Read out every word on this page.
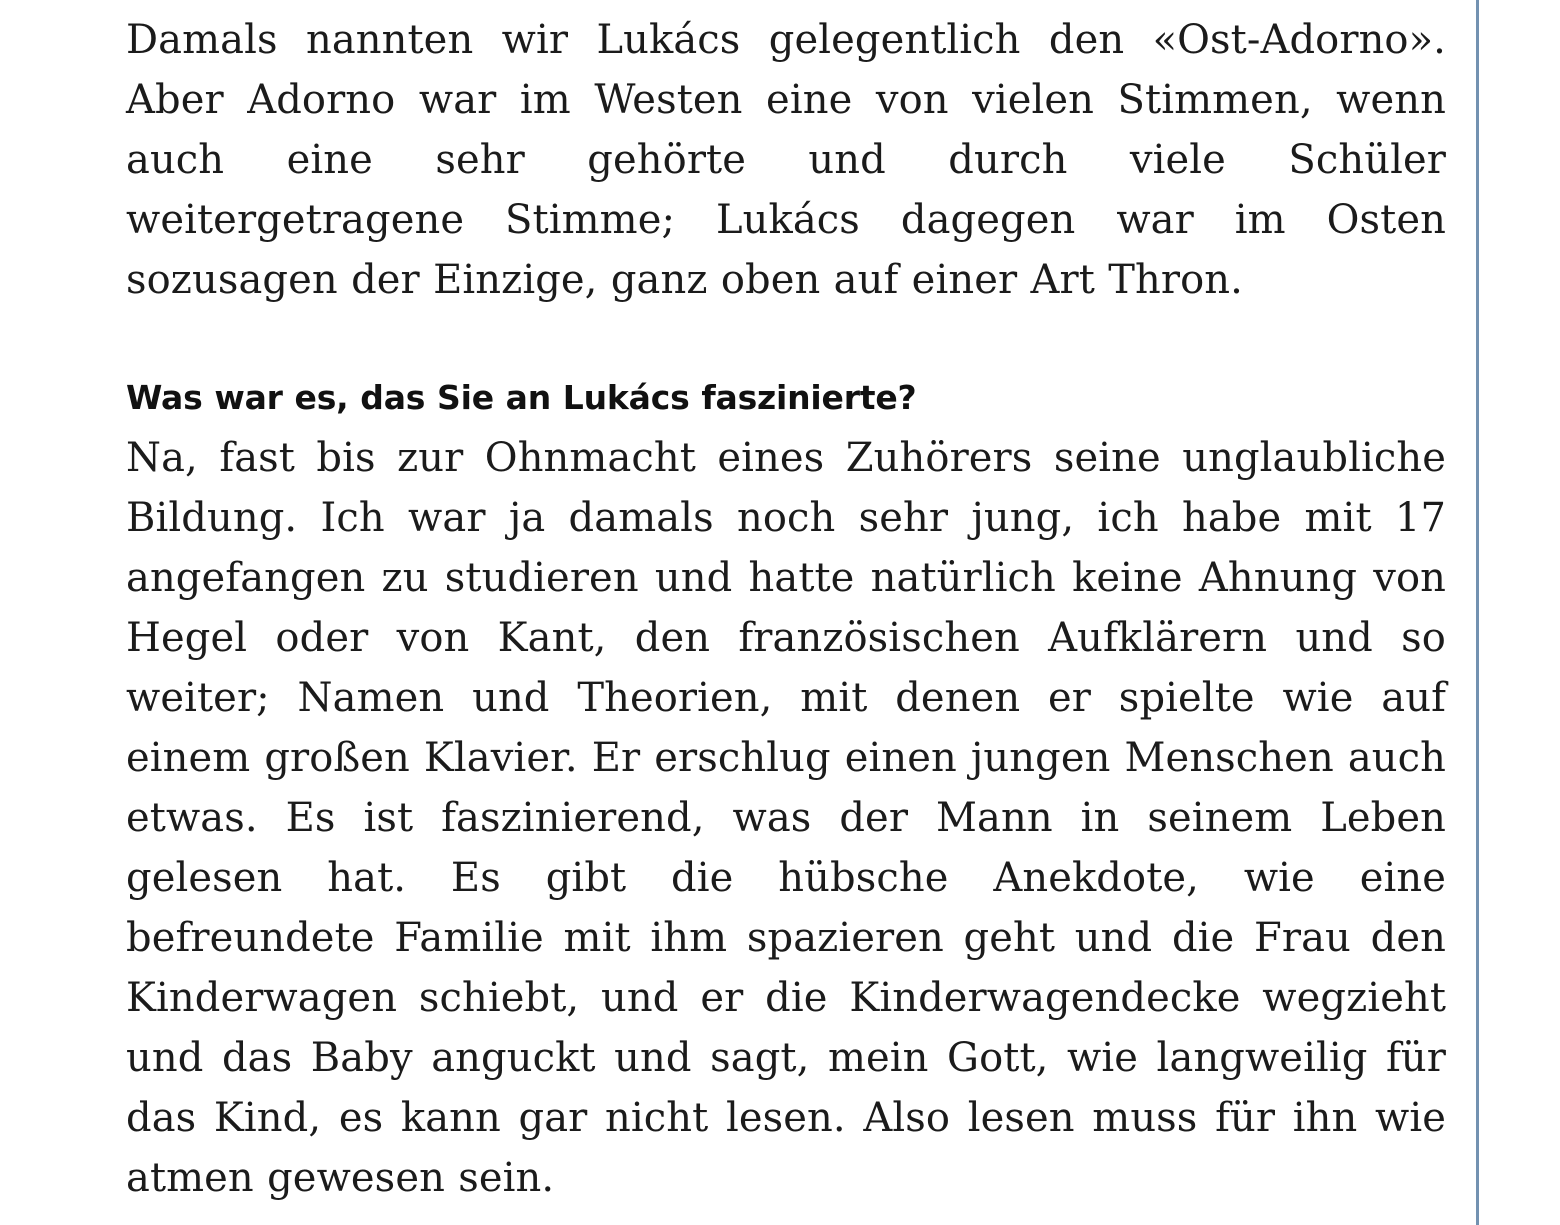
Damals nannten wir Lukács gelegentlich den «Ost-Adorno». Aber Adorno war im Westen eine von vielen Stimmen, wenn auch eine sehr gehörte und durch viele Schüler weitergetragene Stimme; Lukács dagegen war im Osten sozusagen der Einzige, ganz oben auf einer Art Thron.

Was war es, das Sie an Lukács faszinierte?

Na, fast bis zur Ohnmacht eines Zuhörers seine unglaubliche Bildung. Ich war ja damals noch sehr jung, ich habe mit 17 angefangen zu studieren und hatte natürlich keine Ahnung von Hegel oder von Kant, den französischen Aufklärern und so weiter; Namen und Theorien, mit denen er spielte wie auf einem großen Klavier. Er erschlug einen jungen Menschen auch etwas. Es ist faszinierend, was der Mann in seinem Leben gelesen hat. Es gibt die hübsche Anekdote, wie eine befreundete Familie mit ihm spazieren geht und die Frau den Kinderwagen schiebt, und er die Kinderwagendecke wegzieht und das Baby anguckt und sagt, mein Gott, wie langweilig für das Kind, es kann gar nicht lesen. Also lesen muss für ihn wie atmen gewesen sein.
